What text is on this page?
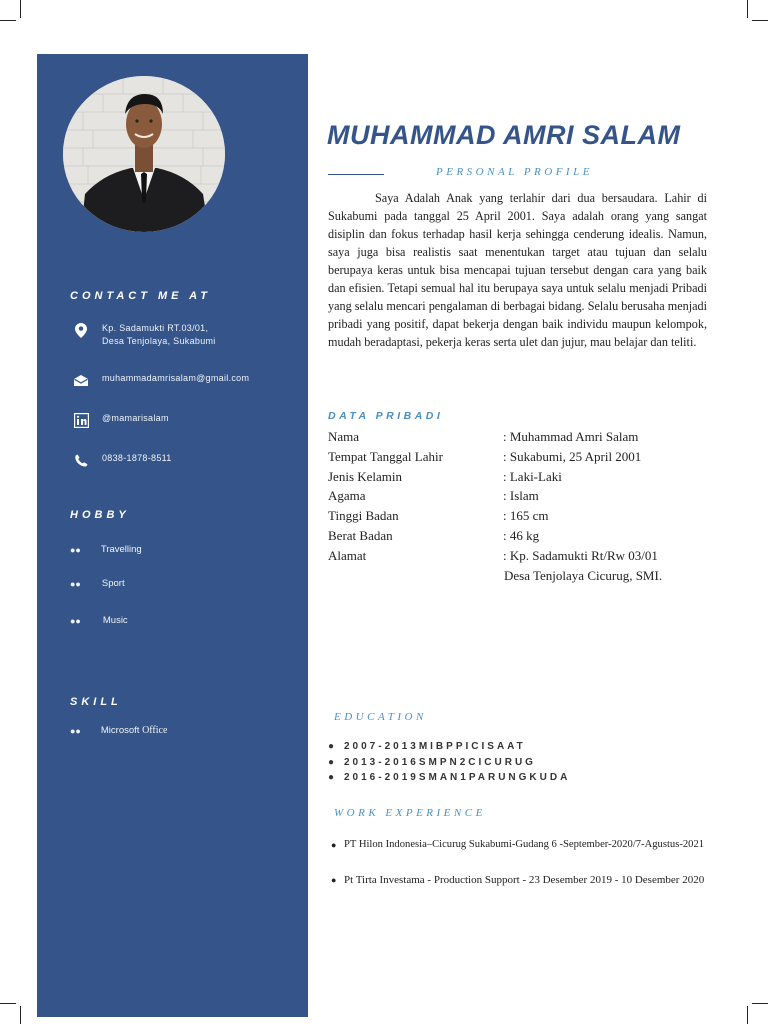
CONTACT ME AT
Kp. Sadamukti RT.03/01,
Desa Tenjolaya, Sukabumi
muhammadamrisalam@gmail.com
@mamarisalam
0838-1878-8511
HOBBY
●● Travelling
●● Sport
●● Music
SKILL
●● Microsoft
Office
MUHAMMAD AMRI SALAM
PERSONAL PROFILE
Saya Adalah Anak yang terlahir dari dua bersaudara. Lahir di Sukabumi pada tanggal 25 April 2001. Saya adalah orang yang sangat disiplin dan fokus terhadap hasil kerja sehingga cenderung idealis. Namun, saya juga bisa realistis saat menentukan target atau tujuan dan selalu berupaya keras untuk bisa mencapai tujuan tersebut dengan cara yang baik dan efisien. Tetapi semual hal itu berupaya saya untuk selalu menjadi Pribadi yang selalu mencari pengalaman di berbagai bidang. Selalu berusaha menjadi pribadi yang positif, dapat bekerja dengan baik individu maupun kelompok, mudah beradaptasi, pekerja keras serta ulet dan jujur, mau belajar dan teliti.
DATA PRIBADI
Nama	: Muhammad Amri Salam
Tempat Tanggal Lahir	: Sukabumi, 25 April 2001
Jenis Kelamin	: Laki-Laki
Agama	: Islam
Tinggi Badan	: 165 cm
Berat Badan	: 46 kg
Alamat	: Kp. Sadamukti Rt/Rw 03/01
Desa Tenjolaya Cicurug, SMI.
EDUCATION
● 2007-2013MIBPPICISAAT
● 2013-2016SMPN2CICURUG
● 2016-2019SMAN1PARUNGKUDA
WORK EXPERIENCE
● PT Hilon Indonesia–Cicurug Sukabumi-Gudang 6 -September-2020/7-Agustus-2021
● Pt Tirta Investama - Production Support - 23 Desember 2019 - 10 Desember 2020
